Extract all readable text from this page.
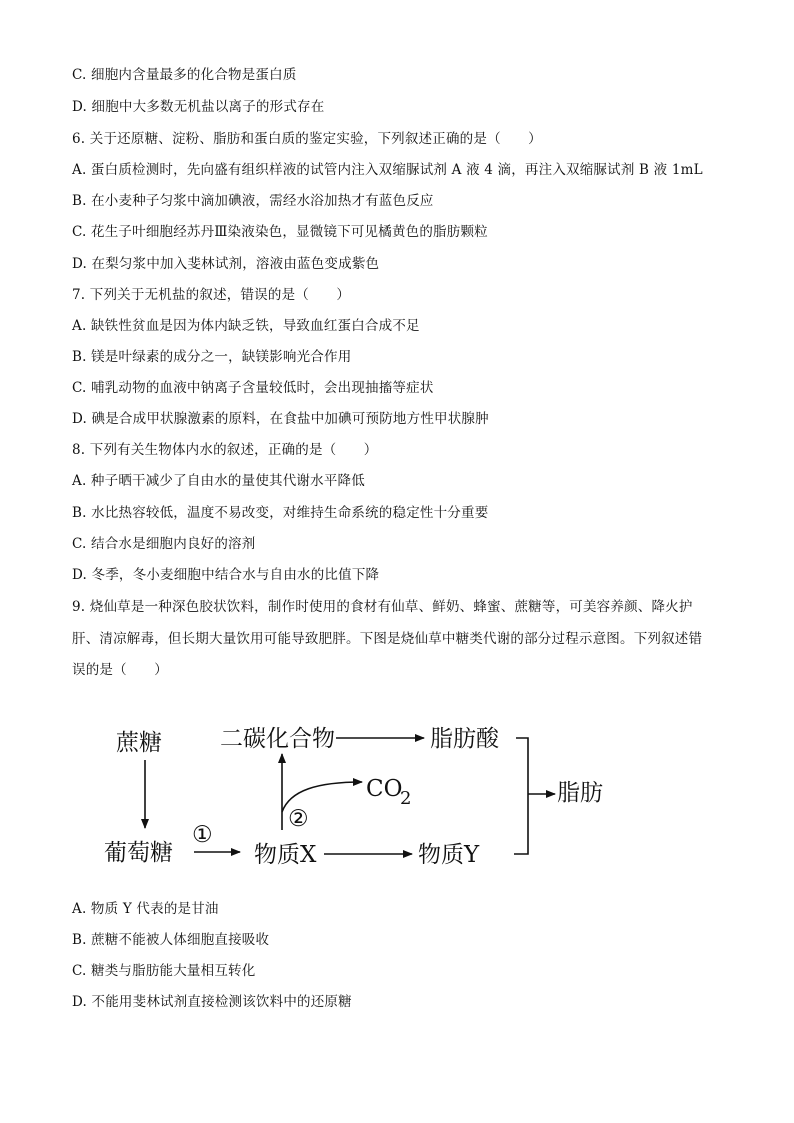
C. 细胞内含量最多的化合物是蛋白质
D. 细胞中大多数无机盐以离子的形式存在
6. 关于还原糖、淀粉、脂肪和蛋白质的鉴定实验，下列叙述正确的是（　　）
A. 蛋白质检测时，先向盛有组织样液的试管内注入双缩脲试剂 A 液 4 滴，再注入双缩脲试剂 B 液 1mL
B. 在小麦种子匀浆中滴加碘液，需经水浴加热才有蓝色反应
C. 花生子叶细胞经苏丹Ⅲ染液染色，显微镜下可见橘黄色的脂肪颗粒
D. 在梨匀浆中加入斐林试剂，溶液由蓝色变成紫色
7. 下列关于无机盐的叙述，错误的是（　　）
A. 缺铁性贫血是因为体内缺乏铁，导致血红蛋白合成不足
B. 镁是叶绿素的成分之一，缺镁影响光合作用
C. 哺乳动物的血液中钠离子含量较低时，会出现抽搐等症状
D. 碘是合成甲状腺激素的原料，在食盐中加碘可预防地方性甲状腺肿
8. 下列有关生物体内水的叙述，正确的是（　　）
A. 种子晒干减少了自由水的量使其代谢水平降低
B. 水比热容较低，温度不易改变，对维持生命系统的稳定性十分重要
C. 结合水是细胞内良好的溶剂
D. 冬季，冬小麦细胞中结合水与自由水的比值下降
9. 烧仙草是一种深色胶状饮料，制作时使用的食材有仙草、鲜奶、蜂蜜、蔗糖等，可美容养颜、降火护
肝、清凉解毒，但长期大量饮用可能导致肥胖。下图是烧仙草中糖类代谢的部分过程示意图。下列叙述错
误的是（　　）
蔗糖	二碳化合物	脂肪酸
CO
2	脂肪
葡萄糖
①
物质X	物质Y
②
A. 物质 Y 代表的是甘油
B. 蔗糖不能被人体细胞直接吸收
C. 糖类与脂肪能大量相互转化
D. 不能用斐林试剂直接检测该饮料中的还原糖
